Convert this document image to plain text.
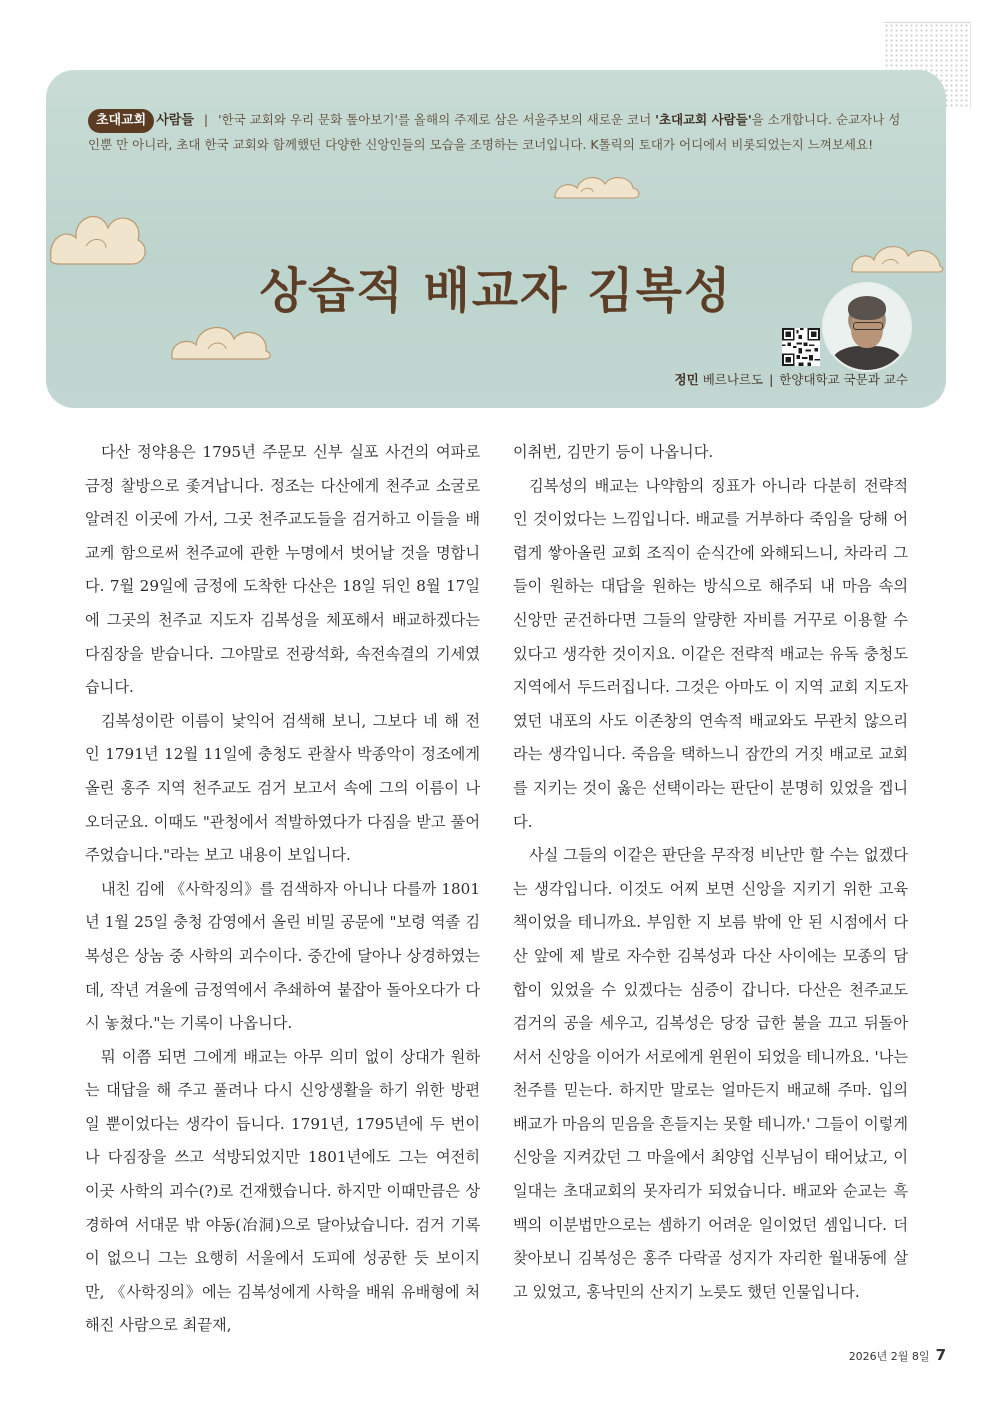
초대교회 사람들 | '한국 교회와 우리 문화 톺아보기'를 올해의 주제로 삼은 서울주보의 새로운 코너 '초대교회 사람들'을 소개합니다. 순교자나 성인뿐 만 아니라, 초대 한국 교회와 함께했던 다양한 신앙인들의 모습을 조명하는 코너입니다. K톨릭의 토대가 어디에서 비롯되었는지 느껴보세요!
상습적 배교자 김복성
정민 베르나르도 | 한양대학교 국문과 교수

다산 정약용은 1795년 주문모 신부 실포 사건의 여파로 금정 찰방으로 좇겨납니다. 정조는 다산에게 천주교 소굴로 알려진 이곳에 가서, 그곳 천주교도들을 검거하고 이들을 배교케 함으로써 천주교에 관한 누명에서 벗어날 것을 명합니다. 7월 29일에 금정에 도착한 다산은 18일 뒤인 8월 17일에 그곳의 천주교 지도자 김복성을 체포해서 배교하겠다는 다짐장을 받습니다. 그야말로 전광석화, 속전속결의 기세였습니다.

김복성이란 이름이 낯익어 검색해 보니, 그보다 네 해 전인 1791년 12월 11일에 충청도 관찰사 박종악이 정조에게 올린 홍주 지역 천주교도 검거 보고서 속에 그의 이름이 나오더군요. 이때도 "관청에서 적발하였다가 다짐을 받고 풀어 주었습니다."라는 보고 내용이 보입니다.

내친 김에 《사학징의》를 검색하자 아니나 다를까 1801년 1월 25일 충청 감영에서 올린 비밀 공문에 "보령 역졸 김복성은 상놈 중 사학의 괴수이다. 중간에 달아나 상경하였는데, 작년 겨울에 금정역에서 추쇄하여 붙잡아 돌아오다가 다시 놓쳤다."는 기록이 나옵니다.

뭐 이쯤 되면 그에게 배교는 아무 의미 없이 상대가 원하는 대답을 해 주고 풀려나 다시 신앙생활을 하기 위한 방편일 뿐이었다는 생각이 듭니다. 1791년, 1795년에 두 번이나 다짐장을 쓰고 석방되었지만 1801년에도 그는 여전히 이곳 사학의 괴수(?)로 건재했습니다. 하지만 이때만큼은 상경하여 서대문 밖 야동(冶洞)으로 달아났습니다. 검거 기록이 없으니 그는 요행히 서울에서 도피에 성공한 듯 보이지만, 《사학징의》에는 김복성에게 사학을 배워 유배형에 처해진 사람으로 최끝재,

이취번, 김만기 등이 나옵니다.

김복성의 배교는 나약함의 징표가 아니라 다분히 전략적인 것이었다는 느낌입니다. 배교를 거부하다 죽임을 당해 어렵게 쌓아올린 교회 조직이 순식간에 와해되느니, 차라리 그들이 원하는 대답을 원하는 방식으로 해주되 내 마음 속의 신앙만 굳건하다면 그들의 알량한 자비를 거꾸로 이용할 수 있다고 생각한 것이지요. 이같은 전략적 배교는 유독 충청도 지역에서 두드러집니다. 그것은 아마도 이 지역 교회 지도자였던 내포의 사도 이존창의 연속적 배교와도 무관치 않으리라는 생각입니다. 죽음을 택하느니 잠깐의 거짓 배교로 교회를 지키는 것이 옳은 선택이라는 판단이 분명히 있었을 겝니다.

사실 그들의 이같은 판단을 무작정 비난만 할 수는 없겠다는 생각입니다. 이것도 어찌 보면 신앙을 지키기 위한 고육책이었을 테니까요. 부임한 지 보름 밖에 안 된 시점에서 다산 앞에 제 발로 자수한 김복성과 다산 사이에는 모종의 담합이 있었을 수 있겠다는 심증이 갑니다. 다산은 천주교도 검거의 공을 세우고, 김복성은 당장 급한 불을 끄고 뒤돌아서서 신앙을 이어가 서로에게 윈윈이 되었을 테니까요. '나는 천주를 믿는다. 하지만 말로는 얼마든지 배교해 주마. 입의 배교가 마음의 믿음을 흔들지는 못할 테니까.' 그들이 이렇게 신앙을 지켜갔던 그 마을에서 최양업 신부님이 태어났고, 이 일대는 초대교회의 못자리가 되었습니다. 배교와 순교는 흑백의 이분법만으로는 셈하기 어려운 일이었던 셈입니다. 더 찾아보니 김복성은 홍주 다락골 성지가 자리한 월내동에 살고 있었고, 홍낙민의 산지기 노릇도 했던 인물입니다.

2026년 2월 8일 7
